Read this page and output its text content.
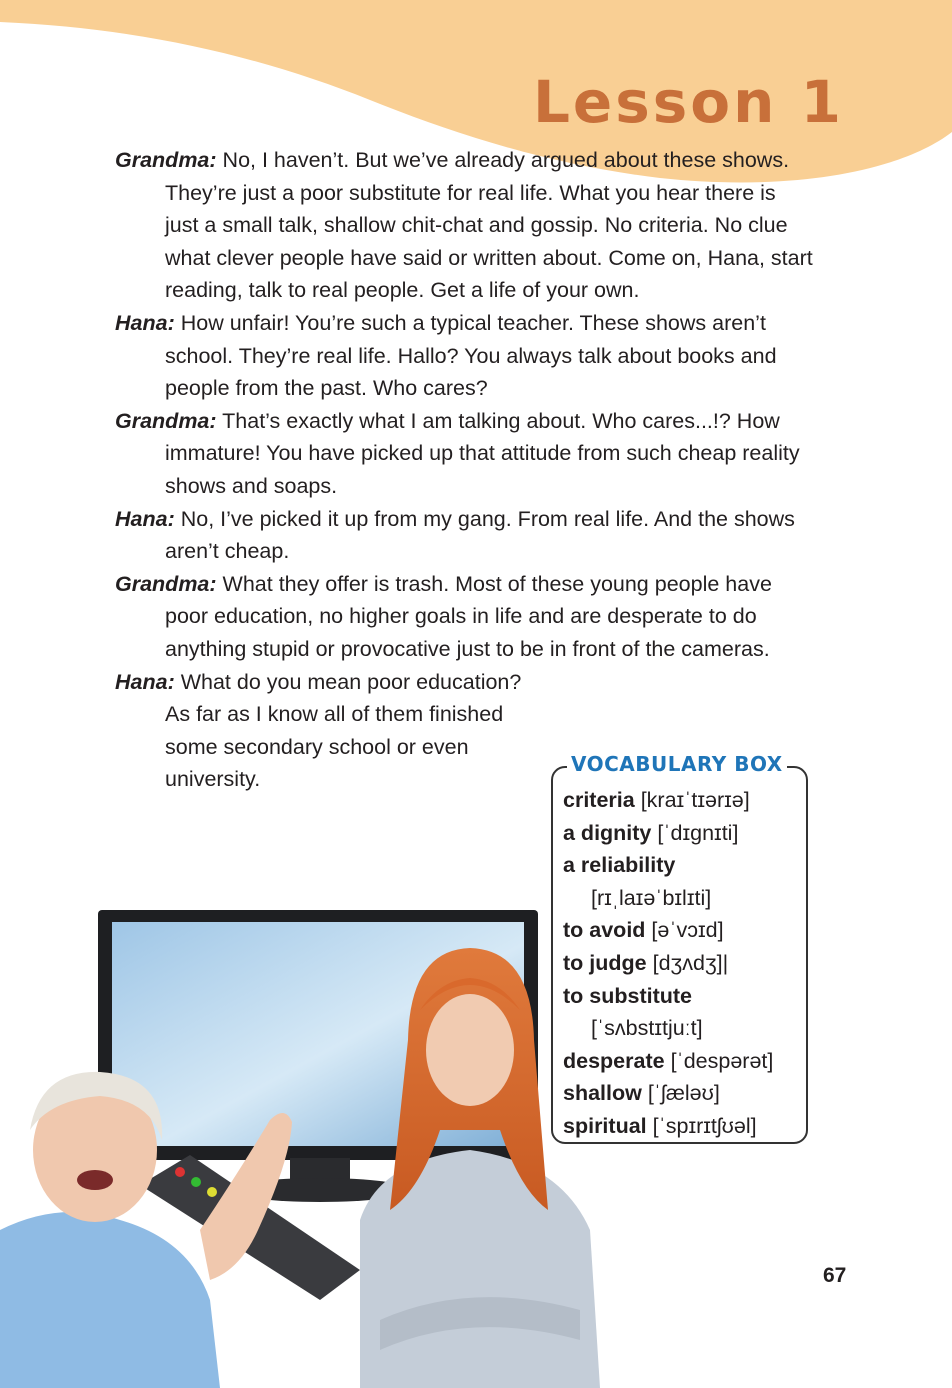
Lesson 1

Grandma: No, I haven’t. But we’ve already argued about these shows. They’re just a poor substitute for real life. What you hear there is just a small talk, shallow chit-chat and gossip. No criteria. No clue what clever people have said or written about. Come on, Hana, start reading, talk to real people. Get a life of your own.

Hana: How unfair! You’re such a typical teacher. These shows aren’t school. They’re real life. Hallo? You always talk about books and people from the past. Who cares?

Grandma: That’s exactly what I am talking about. Who cares...!? How immature! You have picked up that attitude from such cheap reality shows and soaps.

Hana: No, I’ve picked it up from my gang. From real life. And the shows aren’t cheap.

Grandma: What they offer is trash. Most of these young people have poor education, no higher goals in life and are desperate to do anything stupid or provocative just to be in front of the cameras.

Hana: What do you mean poor education? As far as I know all of them finished some secondary school or even university.

VOCABULARY BOX
criteria [kraɪˈtɪərɪə]
a dignity [ˈdɪgnɪti]
a reliability
[rɪˌlaɪəˈbɪlɪti]
to avoid [əˈvɔɪd]
to judge [dʒʌdʒ]|
to substitute
[ˈsʌbstɪtjuːt]
desperate [ˈdespərət]
shallow [ˈʃæləʊ]
spiritual [ˈspɪrɪtʃʊəl]
67
